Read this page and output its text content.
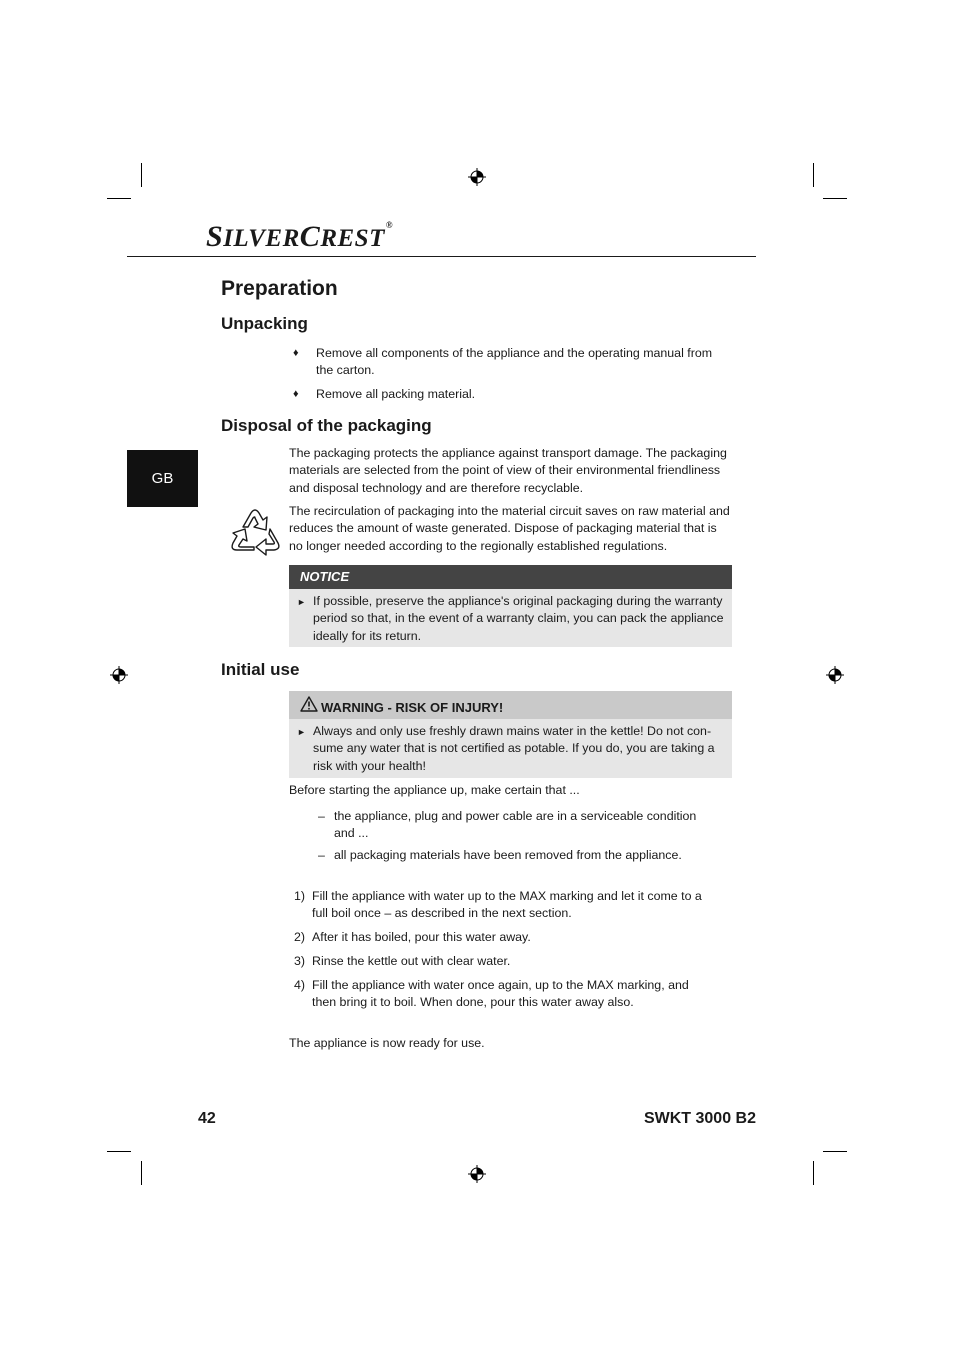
SILVERCREST®
GB
Preparation
Unpacking
♦ Remove all components of the appliance and the operating manual from
the carton.

♦ Remove all packing material.

Disposal of the packaging

The packaging protects the appliance against transport damage. The packaging
materials are selected from the point of view of their environmental friendliness
and disposal technology and are therefore recyclable.

The recirculation of packaging into the material circuit saves on raw material and
reduces the amount of waste generated. Dispose of packaging material that is
no longer needed according to the regionally established regulations.

NOTICE
► If possible, preserve the appliance's original packaging during the warranty
period so that, in the event of a warranty claim, you can pack the appliance
ideally for its return.

Initial use
WARNING - RISK OF INJURY!
► Always and only use freshly drawn mains water in the kettle! Do not con-
sume any water that is not certified as potable. If you do, you are taking a
risk with your health!

Before starting the appliance up, make certain that ...

– the appliance, plug and power cable are in a serviceable condition
and ...

– all packaging materials have been removed from the appliance.

1) Fill the appliance with water up to the MAX marking and let it come to a
full boil once – as described in the next section.

2) After it has boiled, pour this water away.

3) Rinse the kettle out with clear water.

4) Fill the appliance with water once again, up to the MAX marking, and
then bring it to boil. When done, pour this water away also.

The appliance is now ready for use.

42	SWKT 3000 B2
